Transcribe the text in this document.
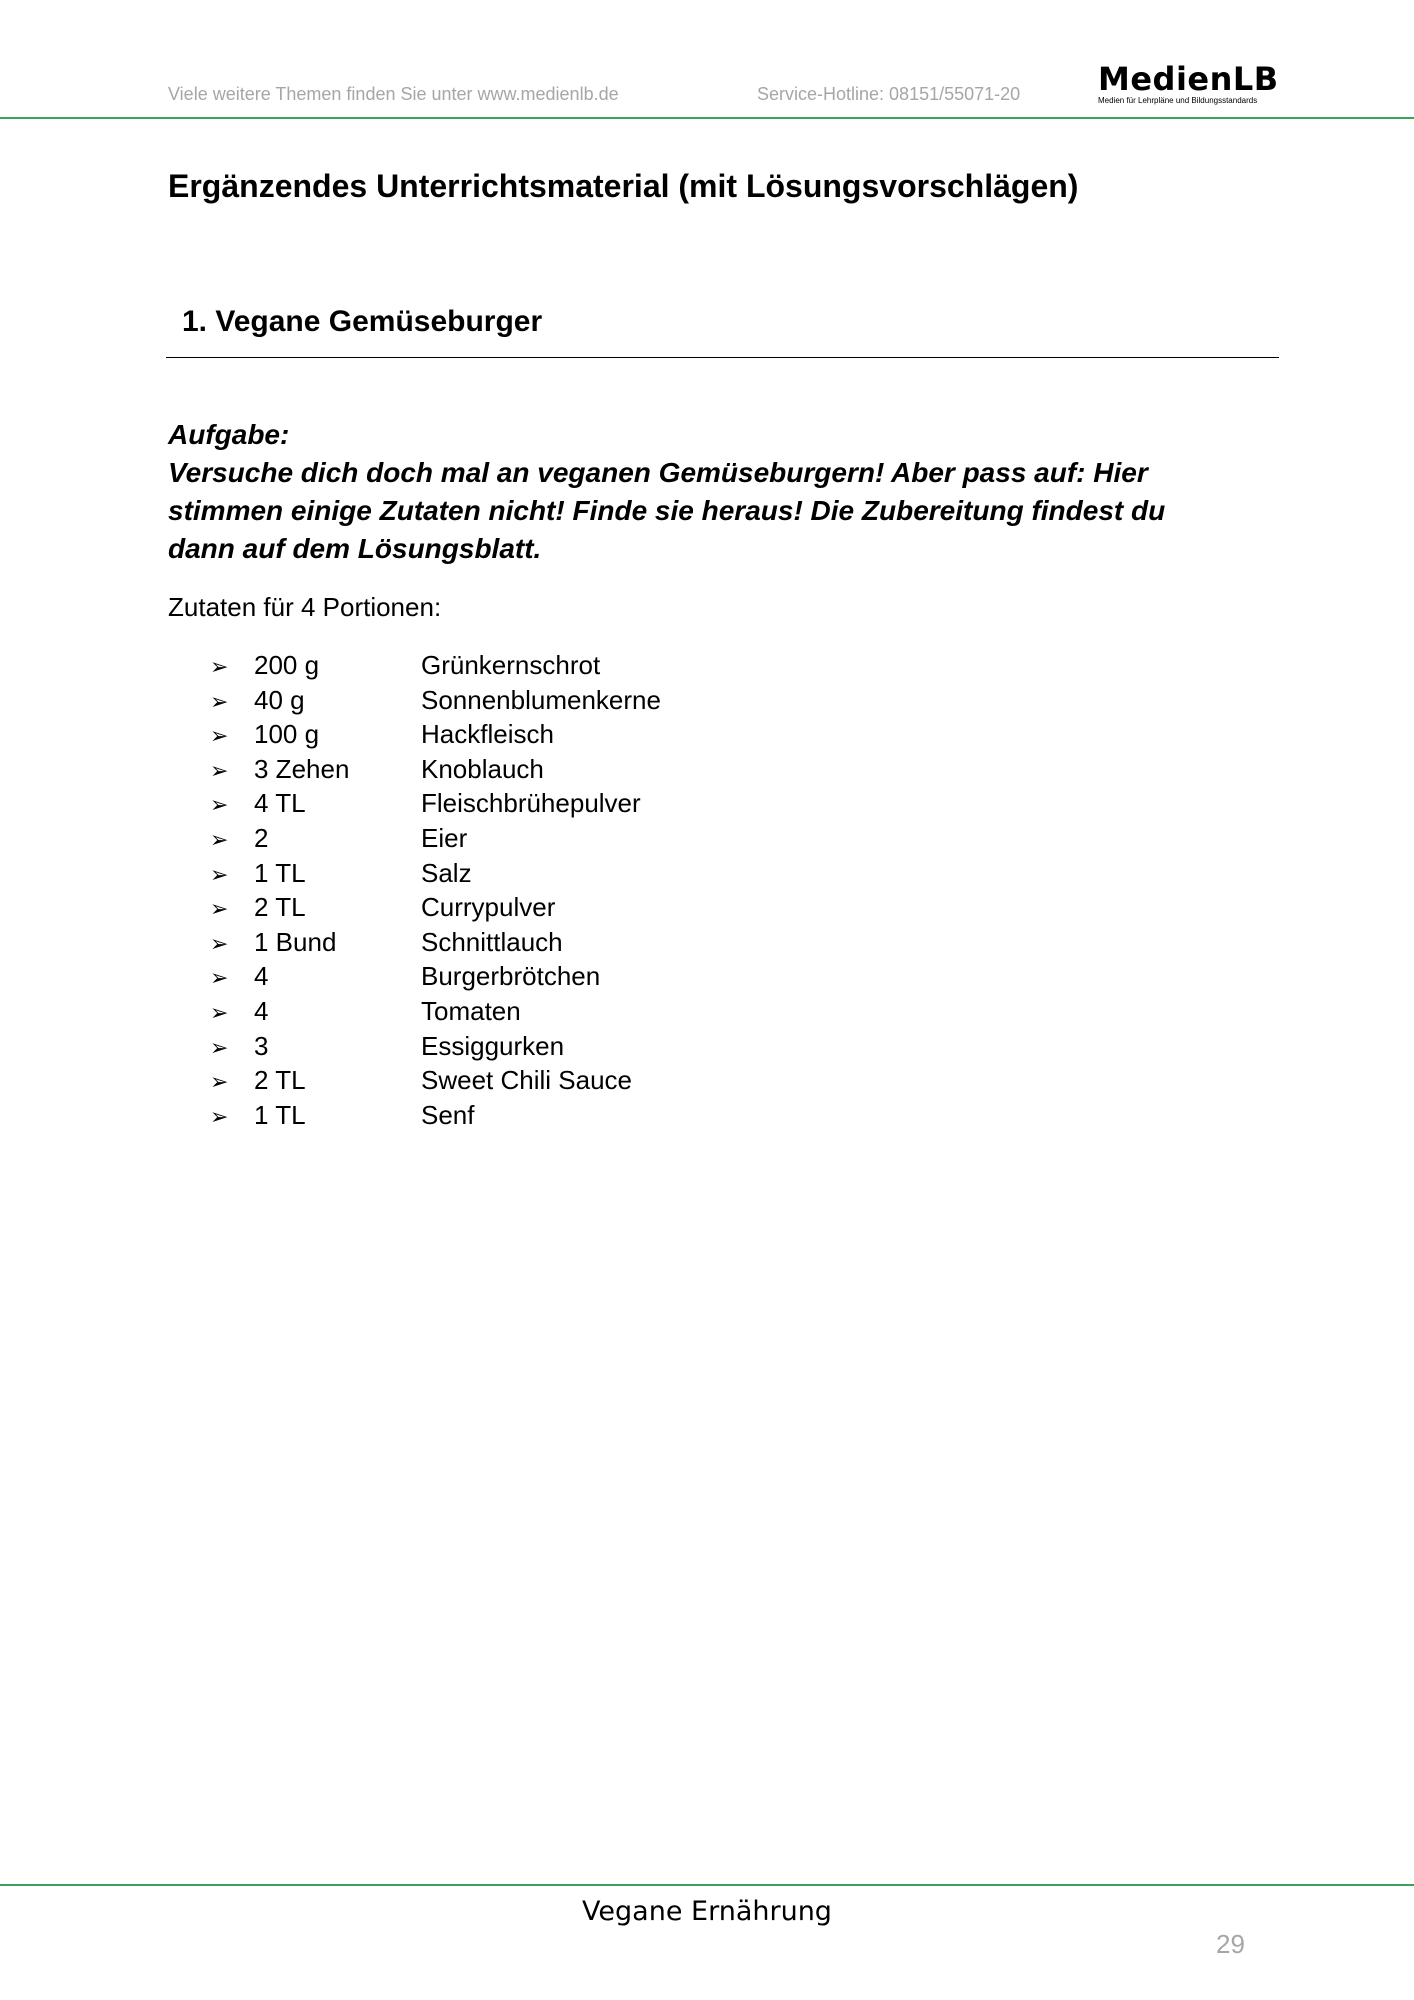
Viele weitere Themen finden Sie unter www.medienlb.de	Service-Hotline: 08151/55071-20 MedienLB
Medien für Lehrpläne und Bildungsstandards
Ergänzendes Unterrichtsmaterial (mit Lösungsvorschlägen)
1. Vegane Gemüseburger

Aufgabe:

Versuche dich doch mal an veganen Gemüseburgern! Aber pass auf: Hier stimmen einige Zutaten nicht! Finde sie heraus! Die Zubereitung findest du dann auf dem Lösungsblatt.

Zutaten für 4 Portionen:
➢ 200 g	Grünkernschrot
➢ 40 g	Sonnenblumenkerne
➢ 100 g	Hackfleisch
➢ 3 Zehen	Knoblauch
➢ 4 TL	Fleischbrühepulver
➢ 2	Eier
➢ 1 TL	Salz
➢ 2 TL	Currypulver
➢ 1 Bund	Schnittlauch
➢ 4	Burgerbrötchen
➢ 4	Tomaten
➢ 3	Essiggurken
➢ 2 TL	Sweet Chili Sauce
➢ 1 TL	Senf
Vegane Ernährung
29
